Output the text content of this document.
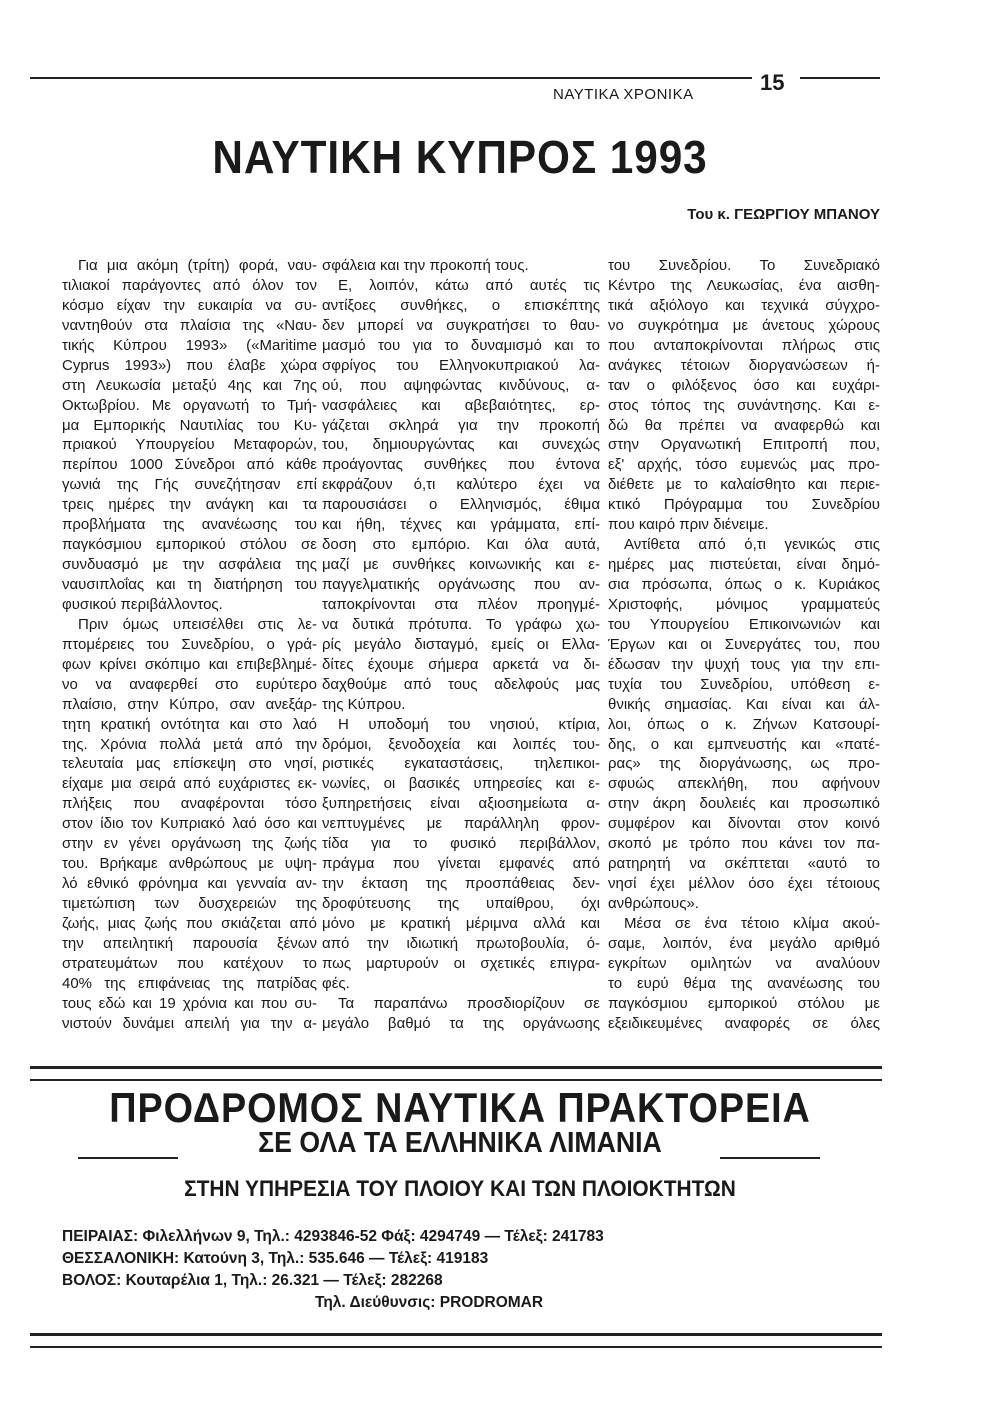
ΝΑΥΤΙΚΑ ΧΡΟΝΙΚΑ	15
ΝΑΥΤΙΚΗ ΚΥΠΡΟΣ 1993
Του κ. ΓΕΩΡΓΙΟΥ ΜΠΑΝΟΥ
Για μια ακόμη (τρίτη) φορά, ναυ-
τιλιακοί παράγοντες από όλον τον
κόσμο είχαν την ευκαιρία να συ-
ναντηθούν στα πλαίσια της «Ναυ-
τικής Κύπρου 1993» («Maritime
Cyprus 1993») που έλαβε χώρα
στη Λευκωσία μεταξύ 4ης και 7ης
Οκτωβρίου. Με οργανωτή το Τμή-
μα Εμπορικής Ναυτιλίας του Κυ-
πριακού Υπουργείου Μεταφορών,
περίπου 1000 Σύνεδροι από κάθε
γωνιά της Γής συνεζήτησαν επί
τρεις ημέρες την ανάγκη και τα
προβλήματα της ανανέωσης του
παγκόσμιου εμπορικού στόλου σε
συνδυασμό με την ασφάλεια της
ναυσιπλοΐας και τη διατήρηση του
φυσικού περιβάλλοντος.
Πριν όμως υπεισέλθει στις λε-
πτομέρειες του Συνεδρίου, ο γρά-
φων κρίνει σκόπιμο και επιβεβλημέ-
νο να αναφερθεί στο ευρύτερο
πλαίσιο, στην Κύπρο, σαν ανεξάρ-
τητη κρατική οντότητα και στο λαό
της. Χρόνια πολλά μετά από την
τελευταία μας επίσκεψη στο νησί,
είχαμε μια σειρά από ευχάριστες εκ-
πλήξεις που αναφέρονται τόσο
στον ίδιο τον Κυπριακό λαό όσο και
στην εν γένει οργάνωση της ζωής
του. Βρήκαμε ανθρώπους με υψη-
λό εθνικό φρόνημα και γενναία αν-
τιμετώπιση των δυσχερειών της
ζωής, μιας ζωής που σκιάζεται από
την απειλητική παρουσία ξένων
στρατευμάτων που κατέχουν το
40% της επιφάνειας της πατρίδας
τους εδώ και 19 χρόνια και που συ-
νιστούν δυνάμει απειλή για την α-
σφάλεια και την προκοπή τους.
Ε, λοιπόν, κάτω από αυτές τις
αντίξοες συνθήκες, ο επισκέπτης
δεν μπορεί να συγκρατήσει το θαυ-
μασμό του για το δυναμισμό και το
σφρίγος του Ελληνοκυπριακού λα-
ού, που αψηφώντας κινδύνους, α-
νασφάλειες και αβεβαιότητες, ερ-
γάζεται σκληρά για την προκοπή
του, δημιουργώντας και συνεχώς
προάγοντας συνθήκες που έντονα
εκφράζουν ό,τι καλύτερο έχει να
παρουσιάσει ο Ελληνισμός, έθιμα
και ήθη, τέχνες και γράμματα, επί-
δοση στο εμπόριο. Και όλα αυτά,
μαζί με συνθήκες κοινωνικής και ε-
παγγελματικής οργάνωσης που αν-
ταποκρίνονται στα πλέον προηγμέ-
να δυτικά πρότυπα. Το γράφω χω-
ρίς μεγάλο δισταγμό, εμείς οι Ελλα-
δίτες έχουμε σήμερα αρκετά να δι-
δαχθούμε από τους αδελφούς μας
της Κύπρου.
Η υποδομή του νησιού, κτίρια,
δρόμοι, ξενοδοχεία και λοιπές του-
ριστικές εγκαταστάσεις, τηλεπικοι-
νωνίες, οι βασικές υπηρεσίες και ε-
ξυπηρετήσεις είναι αξιοσημείωτα α-
νεπτυγμένες με παράλληλη φρον-
τίδα για το φυσικό περιβάλλον,
πράγμα που γίνεται εμφανές από
την έκταση της προσπάθειας δεν-
δροφύτευσης της υπαίθρου, όχι
μόνο με κρατική μέριμνα αλλά και
από την ιδιωτική πρωτοβουλία, ό-
πως μαρτυρούν οι σχετικές επιγρα-
φές.
Τα παραπάνω προσδιορίζουν σε
μεγάλο βαθμό τα της οργάνωσης
του Συνεδρίου. Το Συνεδριακό
Κέντρο της Λευκωσίας, ένα αισθη-
τικά αξιόλογο και τεχνικά σύγχρο-
νο συγκρότημα με άνετους χώρους
που ανταποκρίνονται πλήρως στις
ανάγκες τέτοιων διοργανώσεων ή-
ταν ο φιλόξενος όσο και ευχάρι-
στος τόπος της συνάντησης. Και ε-
δώ θα πρέπει να αναφερθώ και
στην Οργανωτική Επιτροπή που,
εξ' αρχής, τόσο ευμενώς μας προ-
διέθετε με το καλαίσθητο και περιε-
κτικό Πρόγραμμα του Συνεδρίου
που καιρό πριν διένειμε.
Αντίθετα από ό,τι γενικώς στις
ημέρες μας πιστεύεται, είναι δημό-
σια πρόσωπα, όπως ο κ. Κυριάκος
Χριστοφής, μόνιμος γραμματεύς
του Υπουργείου Επικοινωνιών και
Έργων και οι Συνεργάτες του, που
έδωσαν την ψυχή τους για την επι-
τυχία του Συνεδρίου, υπόθεση ε-
θνικής σημασίας. Και είναι και άλ-
λοι, όπως ο κ. Ζήνων Κατσουρί-
δης, ο και εμπνευστής και «πατέ-
ρας» της διοργάνωσης, ως προ-
σφυώς απεκλήθη, που αφήνουν
στην άκρη δουλειές και προσωπικό
συμφέρον και δίνονται στον κοινό
σκοπό με τρόπο που κάνει τον πα-
ρατηρητή να σκέπτεται «αυτό το
νησί έχει μέλλον όσο έχει τέτοιους
ανθρώπους».
Μέσα σε ένα τέτοιο κλίμα ακού-
σαμε, λοιπόν, ένα μεγάλο αριθμό
εγκρίτων ομιλητών να αναλύουν
το ευρύ θέμα της ανανέωσης του
παγκόσμιου εμπορικού στόλου με
εξειδικευμένες αναφορές σε όλες
ΠΡΟΔΡΟΜΟΣ ΝΑΥΤΙΚΑ ΠΡΑΚΤΟΡΕΙΑ
ΣΕ ΟΛΑ ΤΑ ΕΛΛΗΝΙΚΑ ΛΙΜΑΝΙΑ
ΣΤΗΝ ΥΠΗΡΕΣΙΑ ΤΟΥ ΠΛΟΙΟΥ ΚΑΙ ΤΩΝ ΠΛΟΙΟΚΤΗΤΩΝ
ΠΕΙΡΑΙΑΣ: Φιλελλήνων 9, Τηλ.: 4293846-52 Φάξ: 4294749 — Τέλεξ: 241783
ΘΕΣΣΑΛΟΝΙΚΗ: Κατούνη 3, Τηλ.: 535.646 — Τέλεξ: 419183
ΒΟΛΟΣ: Κουταρέλια 1, Τηλ.: 26.321 — Τέλεξ: 282268
Τηλ. Διεύθυνσις: PRODROMAR
